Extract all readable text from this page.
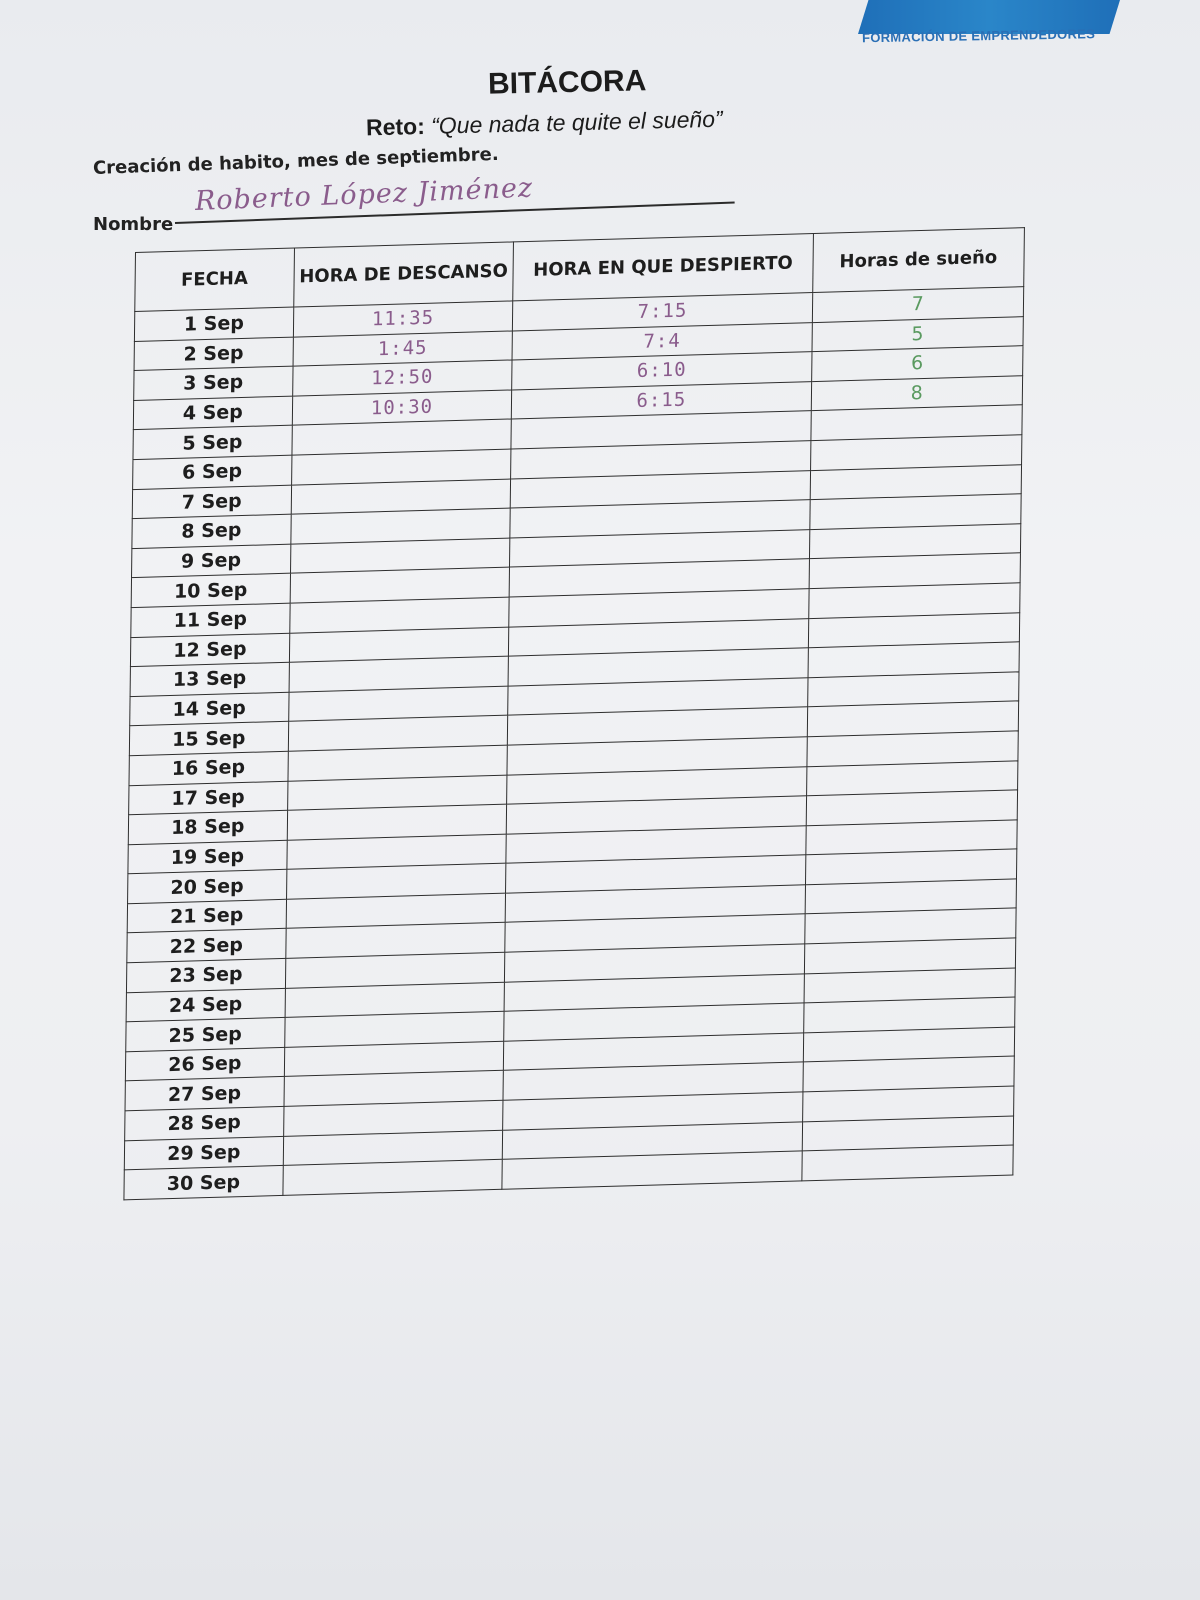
FORMACIÓN DE EMPRENDEDORES
BITÁCORA
Reto: “Que nada te quite el sueño”
Creación de habito, mes de septiembre.
Nombre
Roberto López Jiménez
FECHA	HORA DE DESCANSO	HORA EN QUE DESPIERTO	Horas de sueño
1 Sep	11:35	7:15	7
2 Sep	1:45	7:4	5
3 Sep	12:50	6:10	6
4 Sep	10:30	6:15	8
5 Sep			
6 Sep			
7 Sep			
8 Sep			
9 Sep			
10 Sep			
11 Sep			
12 Sep			
13 Sep			
14 Sep			
15 Sep			
16 Sep			
17 Sep			
18 Sep			
19 Sep			
20 Sep			
21 Sep			
22 Sep			
23 Sep			
24 Sep			
25 Sep			
26 Sep			
27 Sep			
28 Sep			
29 Sep			
30 Sep			
